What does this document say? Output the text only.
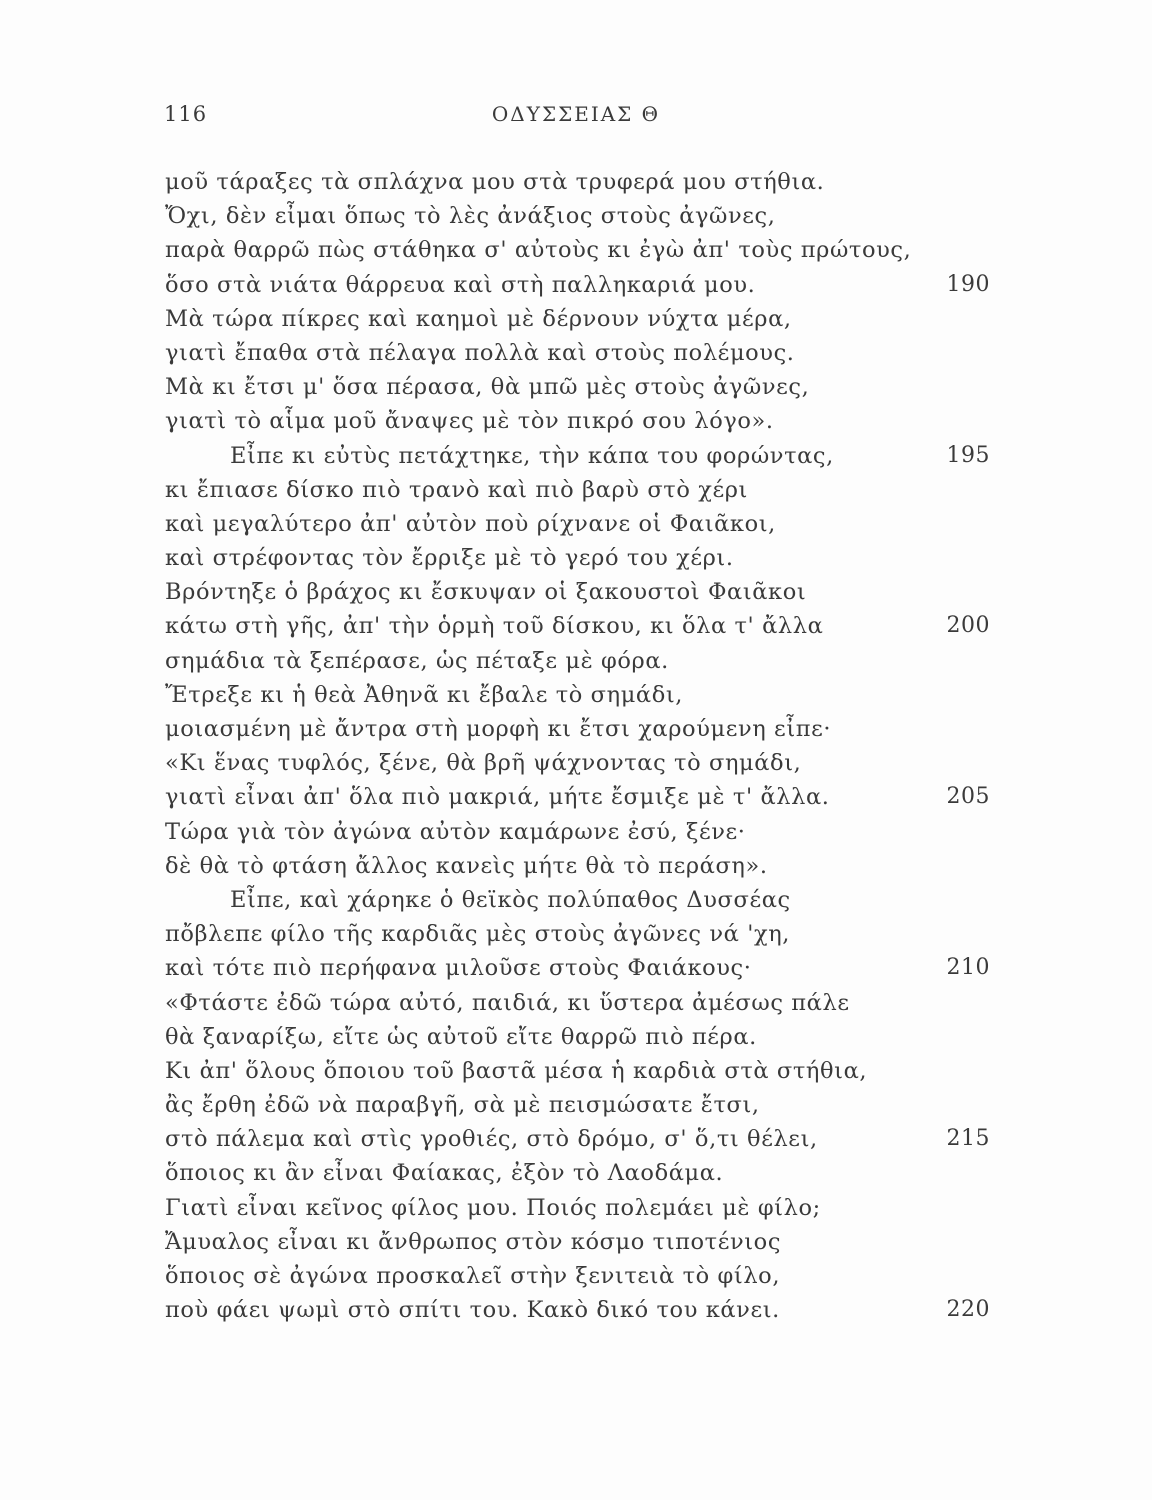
116	ΟΔΥΣΣΕΙΑΣ Θ
μοῦ τάραξες τὰ σπλάχνα μου στὰ τρυφερά μου στήθια.
Ὄχι, δὲν εἶμαι ὅπως τὸ λὲς ἀνάξιος στοὺς ἀγῶνες,
παρὰ θαρρῶ πὼς στάθηκα σ' αὐτοὺς κι ἐγὼ ἀπ' τοὺς πρώτους,
ὅσο στὰ νιάτα θάρρευα καὶ στὴ παλληκαριά μου.	190
Μὰ τώρα πίκρες καὶ καημοὶ μὲ δέρνουν νύχτα μέρα,
γιατὶ ἔπαθα στὰ πέλαγα πολλὰ καὶ στοὺς πολέμους.
Μὰ κι ἔτσι μ' ὅσα πέρασα, θὰ μπῶ μὲς στοὺς ἀγῶνες,
γιατὶ τὸ αἷμα μοῦ ἄναψες μὲ τὸν πικρό σου λόγο».
Εἶπε κι εὐτὺς πετάχτηκε, τὴν κάπα του φορώντας,	195
κι ἔπιασε δίσκο πιὸ τρανὸ καὶ πιὸ βαρὺ στὸ χέρι
καὶ μεγαλύτερο ἀπ' αὐτὸν ποὺ ρίχνανε οἱ Φαιᾶκοι,
καὶ στρέφοντας τὸν ἔρριξε μὲ τὸ γερό του χέρι.
Βρόντηξε ὁ βράχος κι ἔσκυψαν οἱ ξακουστοὶ Φαιᾶκοι
κάτω στὴ γῆς, ἀπ' τὴν ὁρμὴ τοῦ δίσκου, κι ὅλα τ' ἄλλα	200
σημάδια τὰ ξεπέρασε, ὡς πέταξε μὲ φόρα.
Ἔτρεξε κι ἡ θεὰ Ἀθηνᾶ κι ἔβαλε τὸ σημάδι,
μοιασμένη μὲ ἄντρα στὴ μορφὴ κι ἔτσι χαρούμενη εἶπε·
«Κι ἕνας τυφλός, ξένε, θὰ βρῆ ψάχνοντας τὸ σημάδι,
γιατὶ εἶναι ἀπ' ὅλα πιὸ μακριά, μήτε ἔσμιξε μὲ τ' ἄλλα.	205
Τώρα γιὰ τὸν ἀγώνα αὐτὸν καμάρωνε ἐσύ, ξένε·
δὲ θὰ τὸ φτάση ἄλλος κανεὶς μήτε θὰ τὸ περάση».
Εἶπε, καὶ χάρηκε ὁ θεϊκὸς πολύπαθος Δυσσέας
πὄβλεπε φίλο τῆς καρδιᾶς μὲς στοὺς ἀγῶνες νά 'χη,
καὶ τότε πιὸ περήφανα μιλοῦσε στοὺς Φαιάκους·	210
«Φτάστε ἐδῶ τώρα αὐτό, παιδιά, κι ὕστερα ἀμέσως πάλε
θὰ ξαναρίξω, εἴτε ὡς αὐτοῦ εἴτε θαρρῶ πιὸ πέρα.
Κι ἀπ' ὅλους ὅποιου τοῦ βαστᾶ μέσα ἡ καρδιὰ στὰ στήθια,
ἂς ἔρθη ἐδῶ νὰ παραβγῆ, σὰ μὲ πεισμώσατε ἔτσι,
στὸ πάλεμα καὶ στὶς γροθιές, στὸ δρόμο, σ' ὅ,τι θέλει,	215
ὅποιος κι ἂν εἶναι Φαίακας, ἐξὸν τὸ Λαοδάμα.
Γιατὶ εἶναι κεῖνος φίλος μου. Ποιός πολεμάει μὲ φίλο;
Ἄμυαλος εἶναι κι ἄνθρωπος στὸν κόσμο τιποτένιος
ὅποιος σὲ ἀγώνα προσκαλεῖ στὴν ξενιτειὰ τὸ φίλο,
ποὺ φάει ψωμὶ στὸ σπίτι του. Κακὸ δικό του κάνει.	220
